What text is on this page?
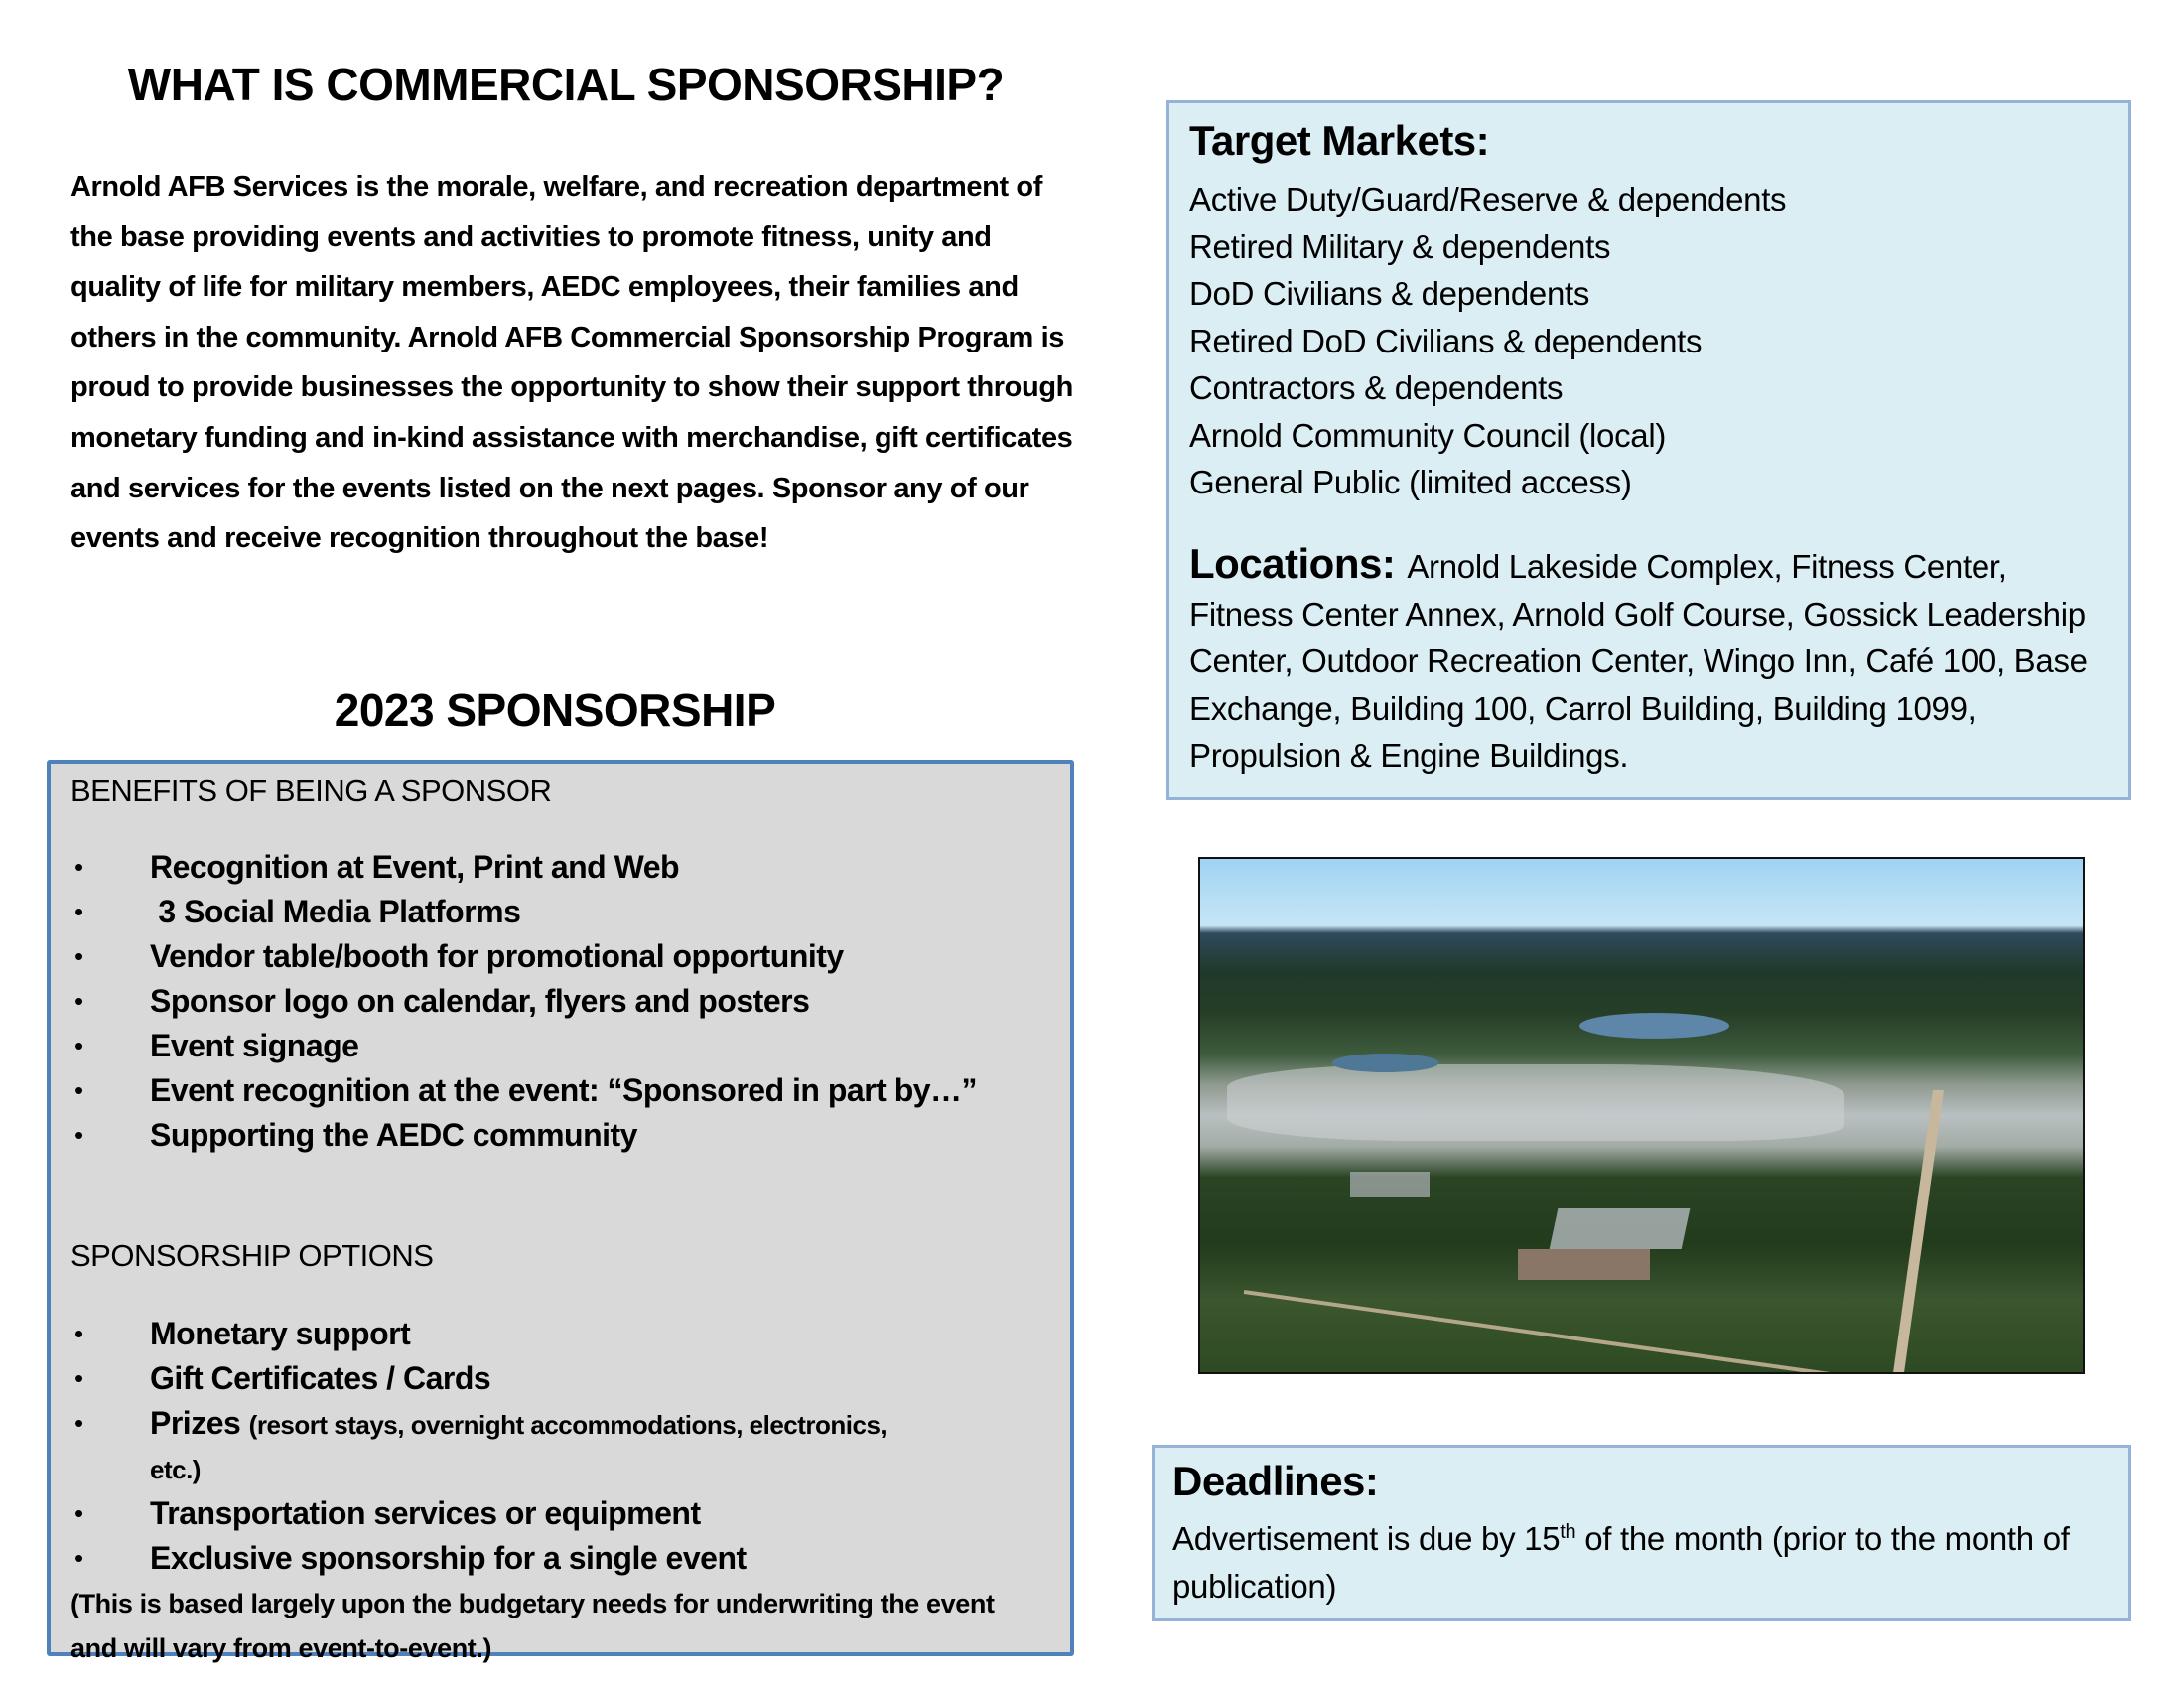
WHAT IS COMMERCIAL SPONSORSHIP?
Arnold AFB Services is the morale, welfare, and recreation department of the base providing events and activities to promote fitness, unity and quality of life for military members, AEDC employees, their families and others in the community. Arnold AFB Commercial Sponsorship Program is proud to provide businesses the opportunity to show their support through monetary funding and in-kind assistance with merchandise, gift certificates and services for the events listed on the next pages. Sponsor any of our events and receive recognition throughout the base!
2023 SPONSORSHIP
BENEFITS OF BEING A SPONSOR
• Recognition at Event, Print and Web
• 3 Social Media Platforms
• Vendor table/booth for promotional opportunity
• Sponsor logo on calendar, flyers and posters
• Event signage
• Event recognition at the event: “Sponsored in part by…”
• Supporting the AEDC community
SPONSORSHIP OPTIONS
• Monetary support
• Gift Certificates / Cards
• Prizes (resort stays, overnight accommodations, electronics,
etc.)
• Transportation services or equipment
• Exclusive sponsorship for a single event
(This is based largely upon the budgetary needs for underwriting the event and will vary from event-to-event.)
Target Markets:
Active Duty/Guard/Reserve & dependents
Retired Military & dependents
DoD Civilians & dependents
Retired DoD Civilians & dependents
Contractors & dependents
Arnold Community Council (local)
General Public (limited access)
Locations: Arnold Lakeside Complex, Fitness Center, Fitness Center Annex, Arnold Golf Course, Gossick Leadership Center, Outdoor Recreation Center, Wingo Inn, Café 100, Base Exchange, Building 100, Carrol Building, Building 1099, Propulsion & Engine Buildings.
Deadlines:
Advertisement is due by 15th of the month (prior to the month of publication)
